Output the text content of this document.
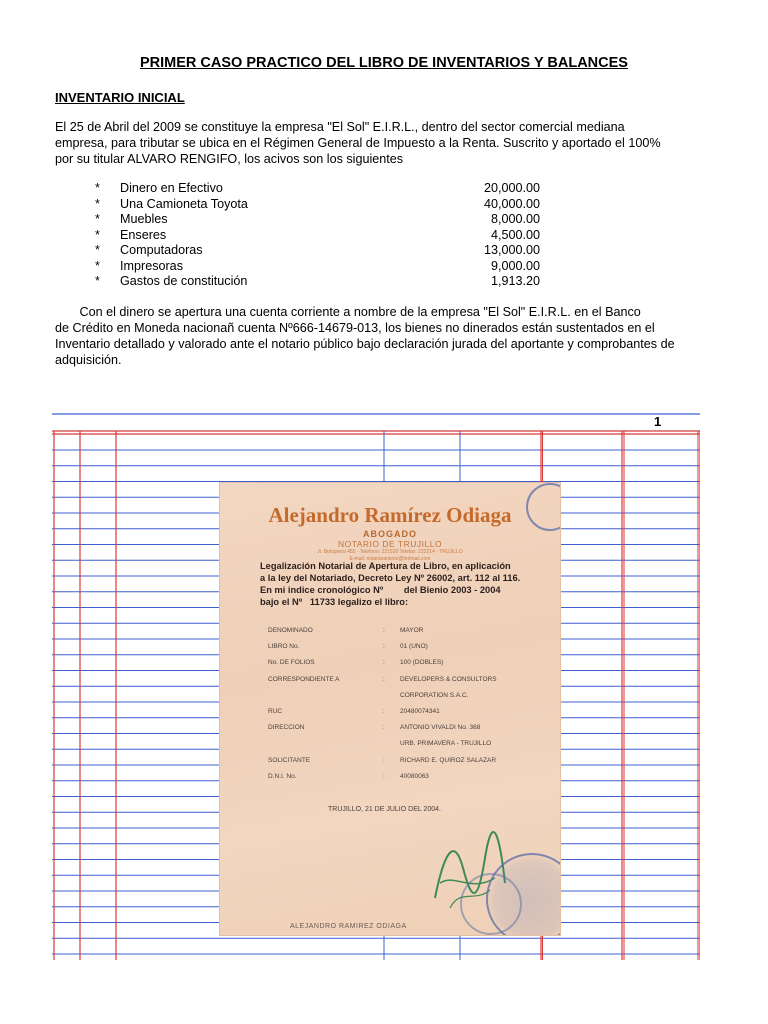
PRIMER CASO PRACTICO DEL LIBRO DE INVENTARIOS Y BALANCES
INVENTARIO INICIAL
El 25 de Abril del 2009 se constituye la empresa "El Sol" E.I.R.L., dentro del sector comercial mediana
empresa, para tributar se ubica en el Régimen General de Impuesto a la Renta. Suscrito y aportado el 100%
por su titular ALVARO RENGIFO, los acivos son los siguientes
* Dinero en Efectivo	20,000.00
* Una Camioneta Toyota	40,000.00
* Muebles	8,000.00
* Enseres	4,500.00
* Computadoras	13,000.00
* Impresoras	9,000.00
* Gastos de constitución	1,913.20
Con el dinero se apertura una cuenta corriente a nombre de la empresa "El Sol" E.I.R.L. en el Banco
de Crédito en Moneda nacionañ cuenta Nº666-14679-013, los bienes no dinerados están sustentados en el
Inventario detallado y valorado ante el notario público bajo declaración jurada del aportante y comprobantes de
adquisición.
1
Alejandro Ramírez Odiaga
ABOGADO
NOTARIO DE TRUJILLO
Jr. Bolognesi 455 - Telefono: 221520 Telefax: 222214 - TRUJILLO
E-mail: notariaramirez@hotmail.com
Legalización Notarial de Apertura de Libro, en aplicación
a la ley del Notariado, Decreto Ley Nº 26002, art. 112 al 116.
En mi indice cronológico Nº        del Bienio 2003 - 2004
bajo el Nº   11733 legalizo el libro:
DENOMINADO	: MAYOR
LIBRO No.	: 01 (UNO)
No. DE FOLIOS	: 100 (DOBLES)
CORRESPONDIENTE A	: DEVELOPERS & CONSULTORS
CORPORATION S.A.C.
RUC	: 20480074341
DIRECCION	: ANTONIO VIVALDI No. 368
URB. PRIMAVERA - TRUJILLO
SOLICITANTE	: RICHARD E. QUIROZ SALAZAR
D.N.I. No.	: 40080063
TRUJILLO, 21 DE JULIO DEL 2004.
ALEJANDRO RAMIREZ ODIAGA
